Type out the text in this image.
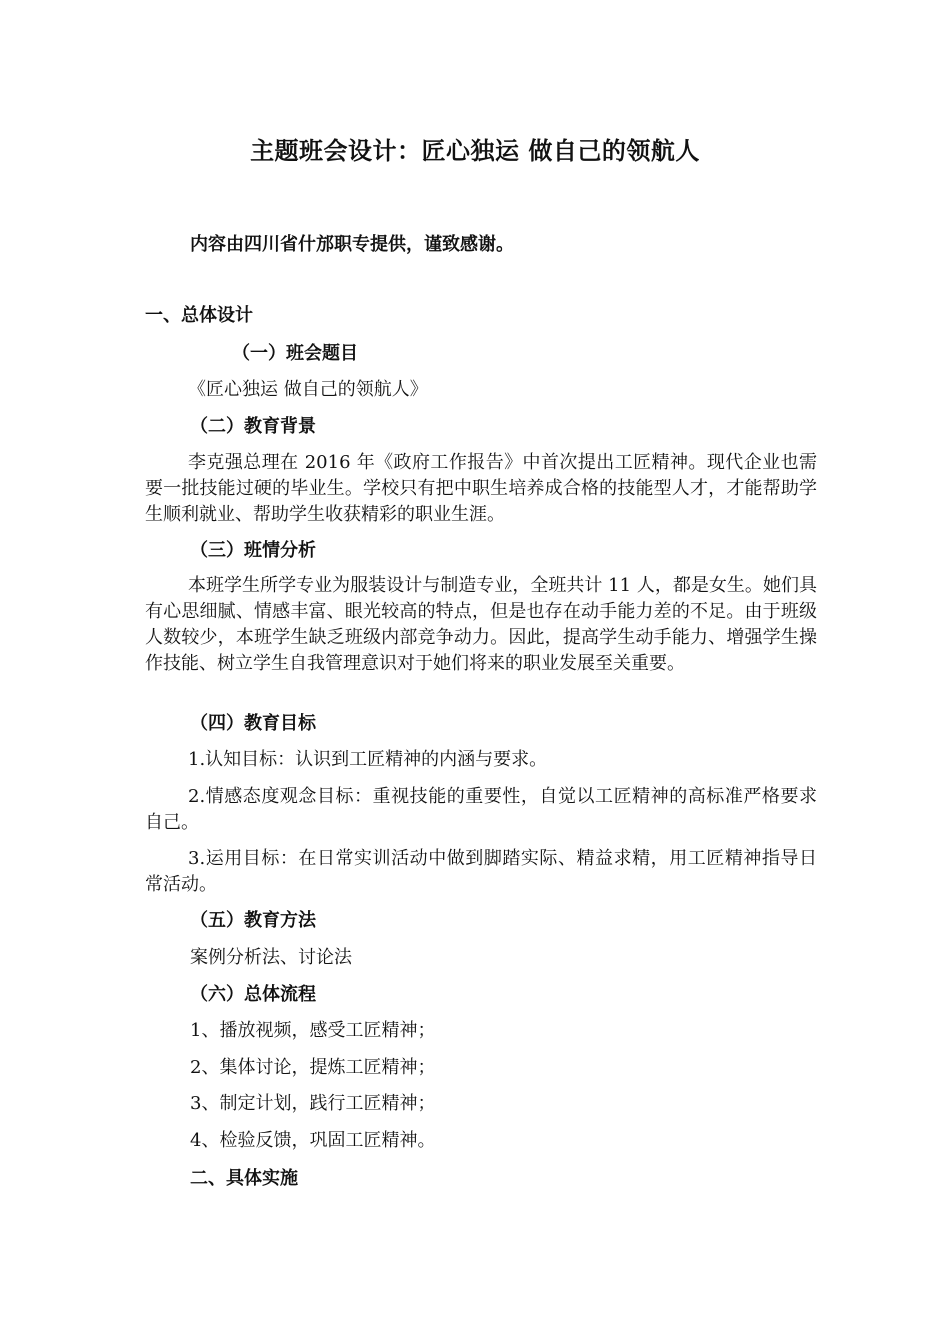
主题班会设计：匠心独运 做自己的领航人
内容由四川省什邡职专提供，谨致感谢。
一、总体设计
（一）班会题目
《匠心独运 做自己的领航人》
（二）教育背景
李克强总理在 2016 年《政府工作报告》中首次提出工匠精神。现代企业也需要一批技能过硬的毕业生。学校只有把中职生培养成合格的技能型人才，才能帮助学生顺利就业、帮助学生收获精彩的职业生涯。
（三）班情分析
本班学生所学专业为服装设计与制造专业，全班共计 11 人，都是女生。她们具有心思细腻、情感丰富、眼光较高的特点，但是也存在动手能力差的不足。由于班级人数较少，本班学生缺乏班级内部竞争动力。因此，提高学生动手能力、增强学生操作技能、树立学生自我管理意识对于她们将来的职业发展至关重要。
（四）教育目标
1.认知目标：认识到工匠精神的内涵与要求。
2.情感态度观念目标：重视技能的重要性，自觉以工匠精神的高标准严格要求自己。
3.运用目标：在日常实训活动中做到脚踏实际、精益求精，用工匠精神指导日常活动。
（五）教育方法
案例分析法、讨论法
（六）总体流程
1、播放视频，感受工匠精神；
2、集体讨论，提炼工匠精神；
3、制定计划，践行工匠精神；
4、检验反馈，巩固工匠精神。
二、具体实施
